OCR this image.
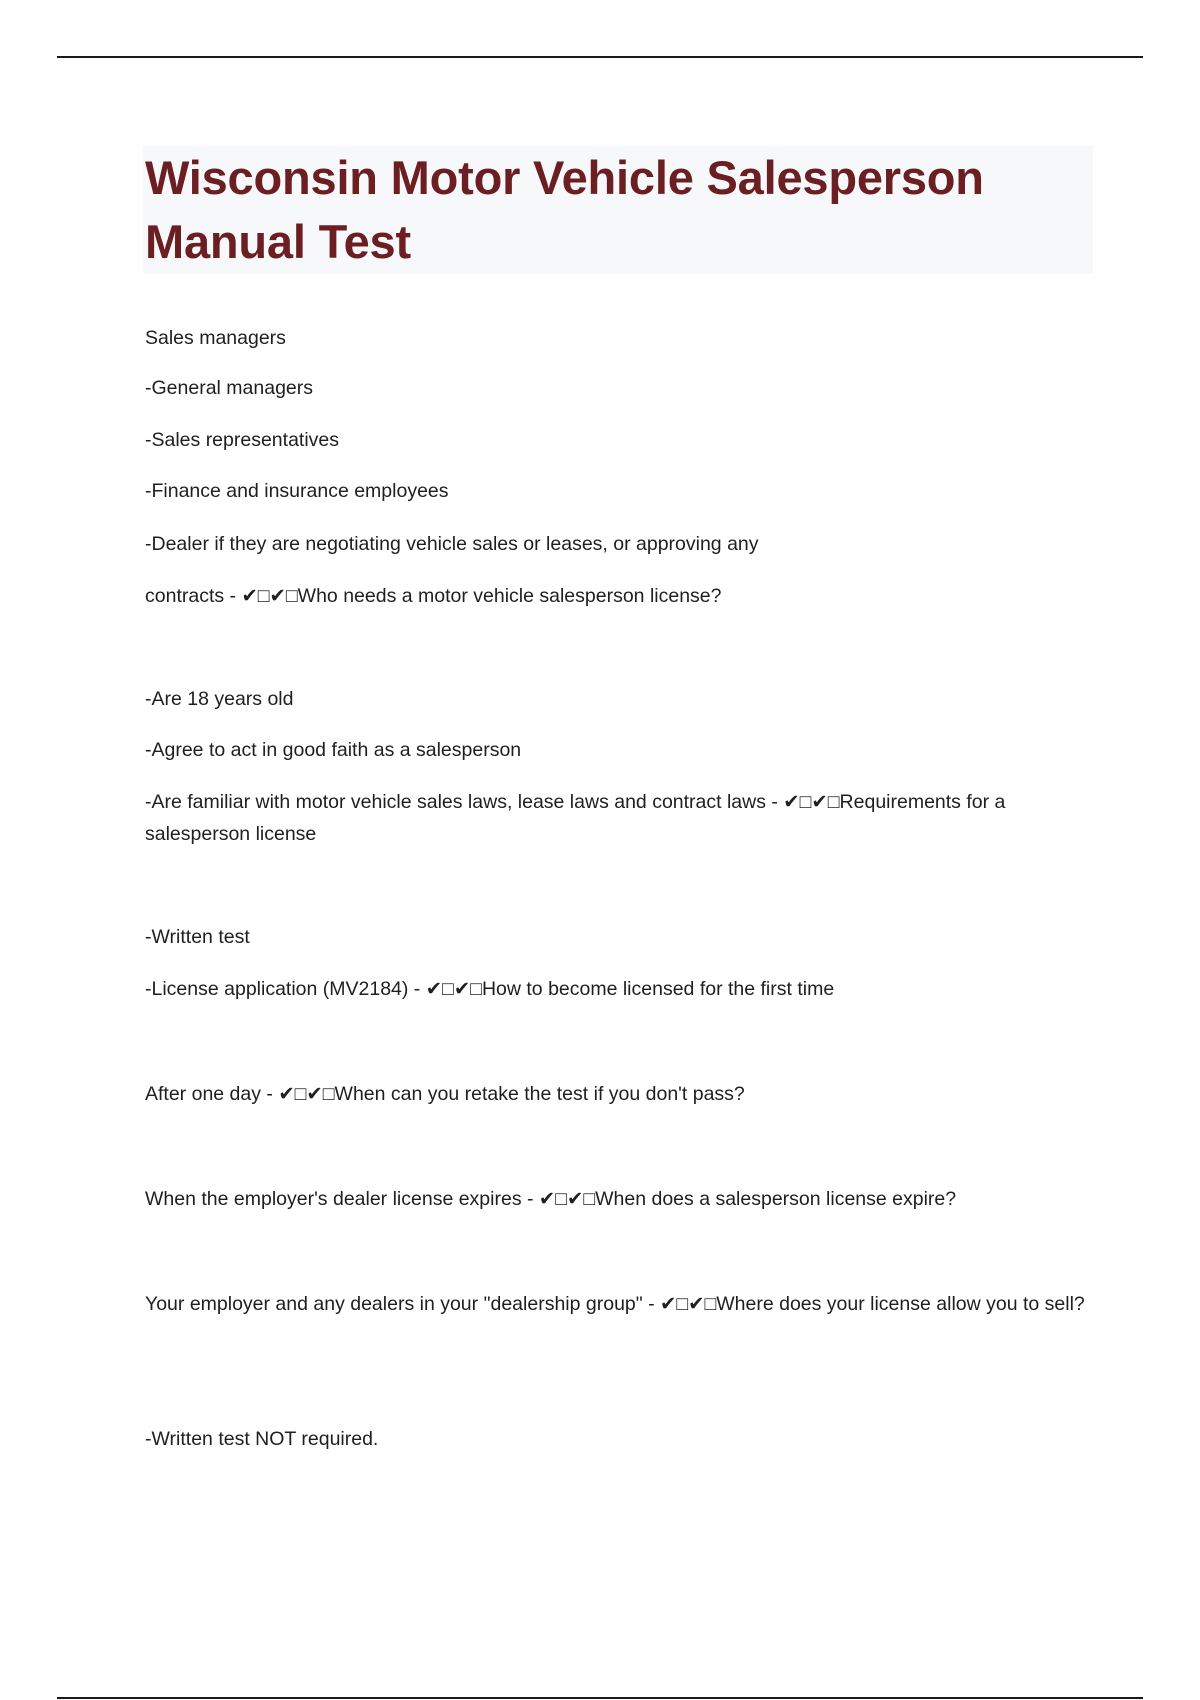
Wisconsin Motor Vehicle Salesperson Manual Test
Sales managers
-General managers
-Sales representatives
-Finance and insurance employees
-Dealer if they are negotiating vehicle sales or leases, or approving any
contracts - ✔□✔□Who needs a motor vehicle salesperson license?
-Are 18 years old
-Agree to act in good faith as a salesperson
-Are familiar with motor vehicle sales laws, lease laws and contract laws - ✔□✔□Requirements for a salesperson license
-Written test
-License application (MV2184) - ✔□✔□How to become licensed for the first time
After one day - ✔□✔□When can you retake the test if you don't pass?
When the employer's dealer license expires - ✔□✔□When does a salesperson license expire?
Your employer and any dealers in your "dealership group" - ✔□✔□Where does your license allow you to sell?
-Written test NOT required.
